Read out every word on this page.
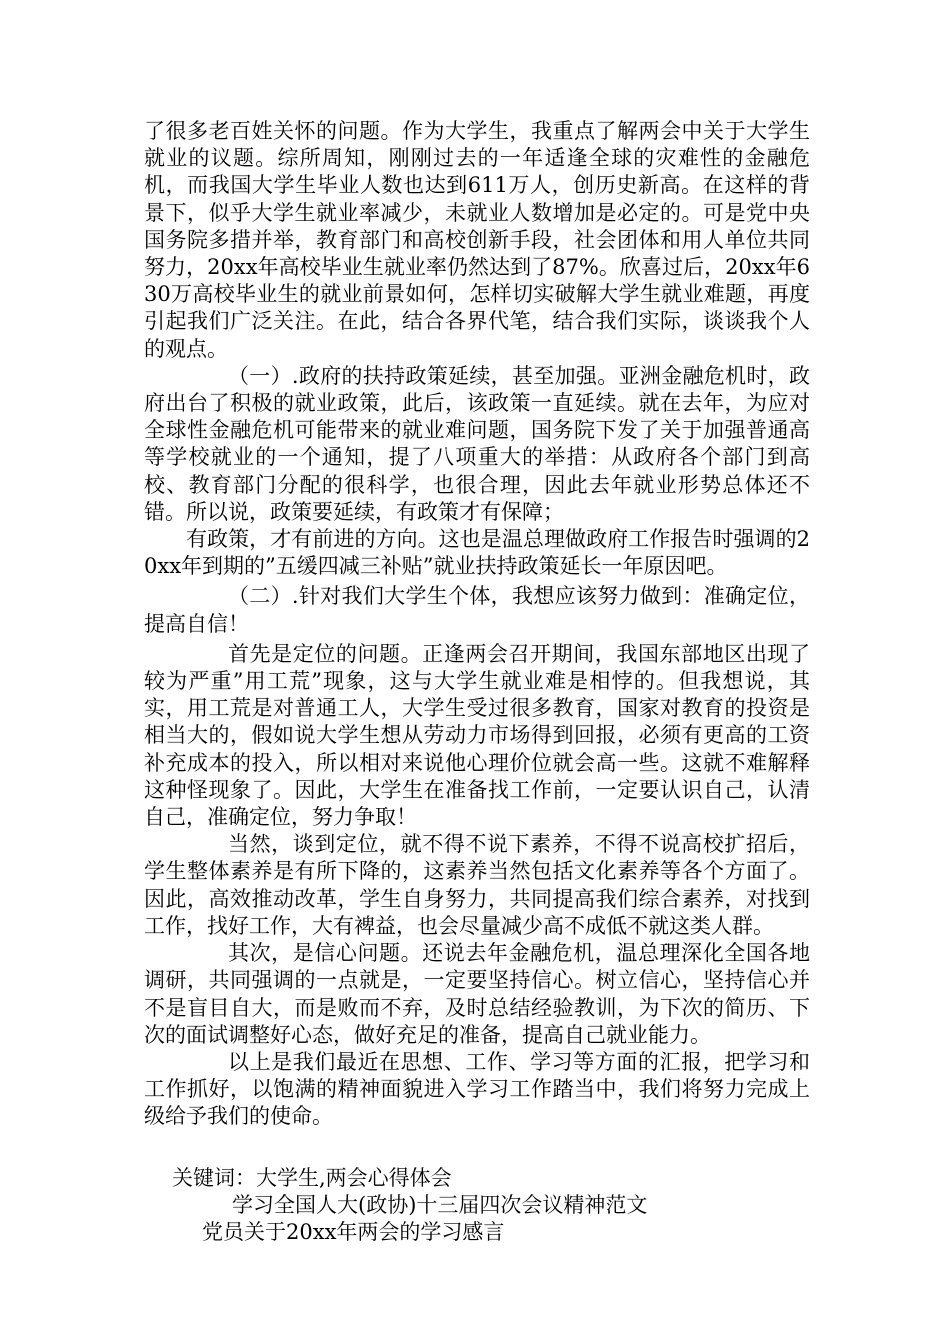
了很多老百姓关怀的问题。作为大学生，我重点了解两会中关于大学生就业的议题。综所周知，刚刚过去的一年适逢全球的灾难性的金融危机，而我国大学生毕业人数也达到611万人，创历史新高。在这样的背景下，似乎大学生就业率减少，未就业人数增加是必定的。可是党中央国务院多措并举，教育部门和高校创新手段，社会团体和用人单位共同努力，20xx年高校毕业生就业率仍然达到了87%。欣喜过后，20xx年630万高校毕业生的就业前景如何，怎样切实破解大学生就业难题，再度引起我们广泛关注。在此，结合各界代笔，结合我们实际，谈谈我个人的观点。

（一）.政府的扶持政策延续，甚至加强。亚洲金融危机时，政府出台了积极的就业政策，此后，该政策一直延续。就在去年，为应对全球性金融危机可能带来的就业难问题，国务院下发了关于加强普通高等学校就业的一个通知，提了八项重大的举措：从政府各个部门到高校、教育部门分配的很科学，也很合理，因此去年就业形势总体还不错。所以说，政策要延续，有政策才有保障；

有政策，才有前进的方向。这也是温总理做政府工作报告时强调的20xx年到期的”五缓四减三补贴”就业扶持政策延长一年原因吧。

（二）.针对我们大学生个体，我想应该努力做到：准确定位，提高自信！

首先是定位的问题。正逢两会召开期间，我国东部地区出现了较为严重”用工荒”现象，这与大学生就业难是相悖的。但我想说，其实，用工荒是对普通工人，大学生受过很多教育，国家对教育的投资是相当大的，假如说大学生想从劳动力市场得到回报，必须有更高的工资补充成本的投入，所以相对来说他心理价位就会高一些。这就不难解释这种怪现象了。因此，大学生在准备找工作前，一定要认识自己，认清自己，准确定位，努力争取！

当然，谈到定位，就不得不说下素养，不得不说高校扩招后，学生整体素养是有所下降的，这素养当然包括文化素养等各个方面了。因此，高效推动改革，学生自身努力，共同提高我们综合素养，对找到工作，找好工作，大有裨益，也会尽量减少高不成低不就这类人群。

其次，是信心问题。还说去年金融危机，温总理深化全国各地调研，共同强调的一点就是，一定要坚持信心。树立信心，坚持信心并不是盲目自大，而是败而不弃，及时总结经验教训，为下次的简历、下次的面试调整好心态，做好充足的准备，提高自己就业能力。

以上是我们最近在思想、工作、学习等方面的汇报，把学习和工作抓好，以饱满的精神面貌进入学习工作踏当中，我们将努力完成上级给予我们的使命。

关键词：大学生,两会心得体会

学习全国人大(政协)十三届四次会议精神范文

党员关于20xx年两会的学习感言
